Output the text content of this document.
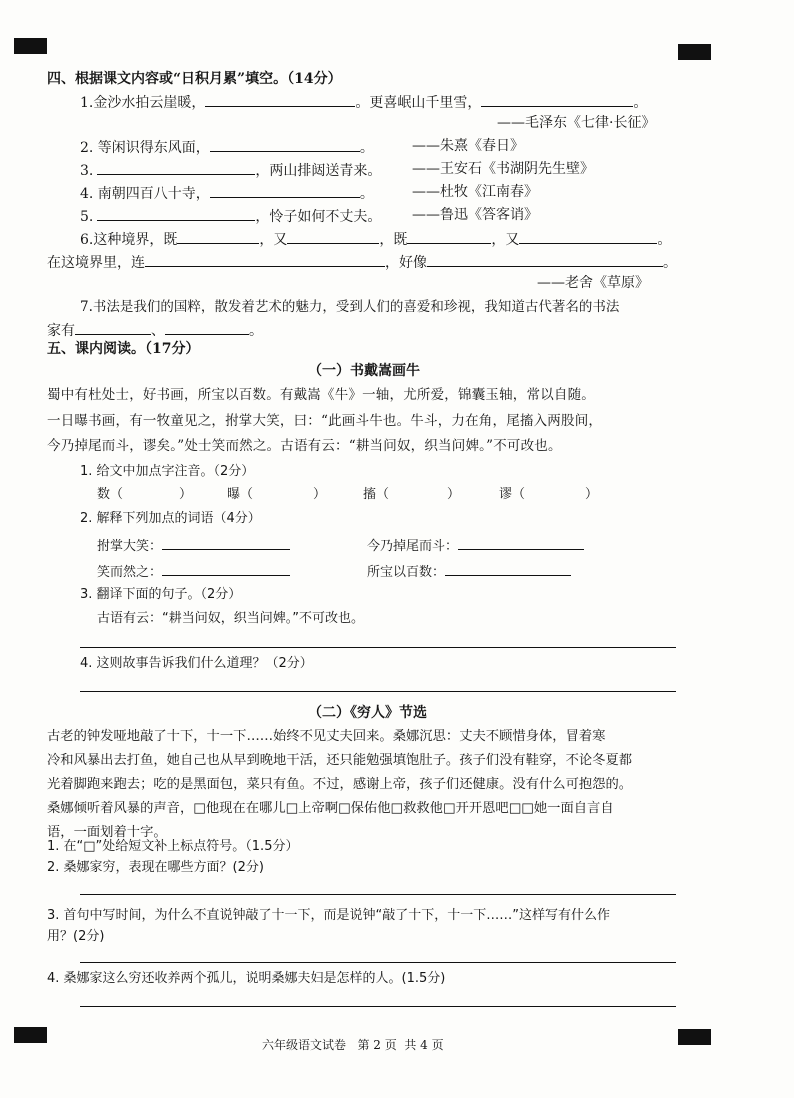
四、根据课文内容或“日积月累”填空。（14分）
1.金沙水拍云崖暖，	。更喜岷山千里雪，	。
——毛泽东《七律·长征》
2. 等闲识得东风面，	。	——朱熹《春日》
3.	，两山排闼送青来。 ——王安石《书湖阴先生壁》
4. 南朝四百八十寺，	。	——杜牧《江南春》
5.	，怜子如何不丈夫。 ——鲁迅《答客诮》
6.这种境界，既	，又	，既	，又	。
在这境界里，连	，好像	。
——老舍《草原》
7.书法是我们的国粹，散发着艺术的魅力，受到人们的喜爱和珍视，我知道古代著名的书法
家有	、	。
五、课内阅读。（17分）
（一）书戴嵩画牛
蜀中有杜处士，好书画，所宝以百数。有戴嵩《牛》一轴，尤所爱，锦囊玉轴，常以自随。
一日曝书画，有一牧童见之，拊掌大笑，曰：“此画斗牛也。牛斗，力在角，尾搐入两股间，
今乃掉尾而斗，谬矣。”处士笑而然之。古语有云：“耕当问奴，织当问婢。”不可改也。
1. 给文中加点字注音。（2分）
数（	）	曝（	）	搐（	）	谬（	）
2. 解释下列加点的词语（4分）
拊掌大笑：	今乃掉尾而斗：
笑而然之：	所宝以百数：
3. 翻译下面的句子。（2分）
古语有云：“耕当问奴，织当问婢。”不可改也。
4. 这则故事告诉我们什么道理？（2分）
（二）《穷人》节选
古老的钟发哑地敲了十下，十一下……始终不见丈夫回来。桑娜沉思：丈夫不顾惜身体，冒着寒
冷和风暴出去打鱼，她自己也从早到晚地干活，还只能勉强填饱肚子。孩子们没有鞋穿，不论冬夏都
光着脚跑来跑去；吃的是黑面包，菜只有鱼。不过，感谢上帝，孩子们还健康。没有什么可抱怨的。
桑娜倾听着风暴的声音，□他现在在哪儿□上帝啊□保佑他□救救他□开开恩吧□□她一面自言自
语，一面划着十字。
1. 在“□”处给短文补上标点符号。（1.5分）
2. 桑娜家穷，表现在哪些方面？(2分)
3. 首句中写时间，为什么不直说钟敲了十一下，而是说钟“敲了十下，十一下……”这样写有什么作
用？(2分)
4. 桑娜家这么穷还收养两个孤儿，说明桑娜夫妇是怎样的人。(1.5分)
六年级语文试卷   第 2 页  共 4 页
